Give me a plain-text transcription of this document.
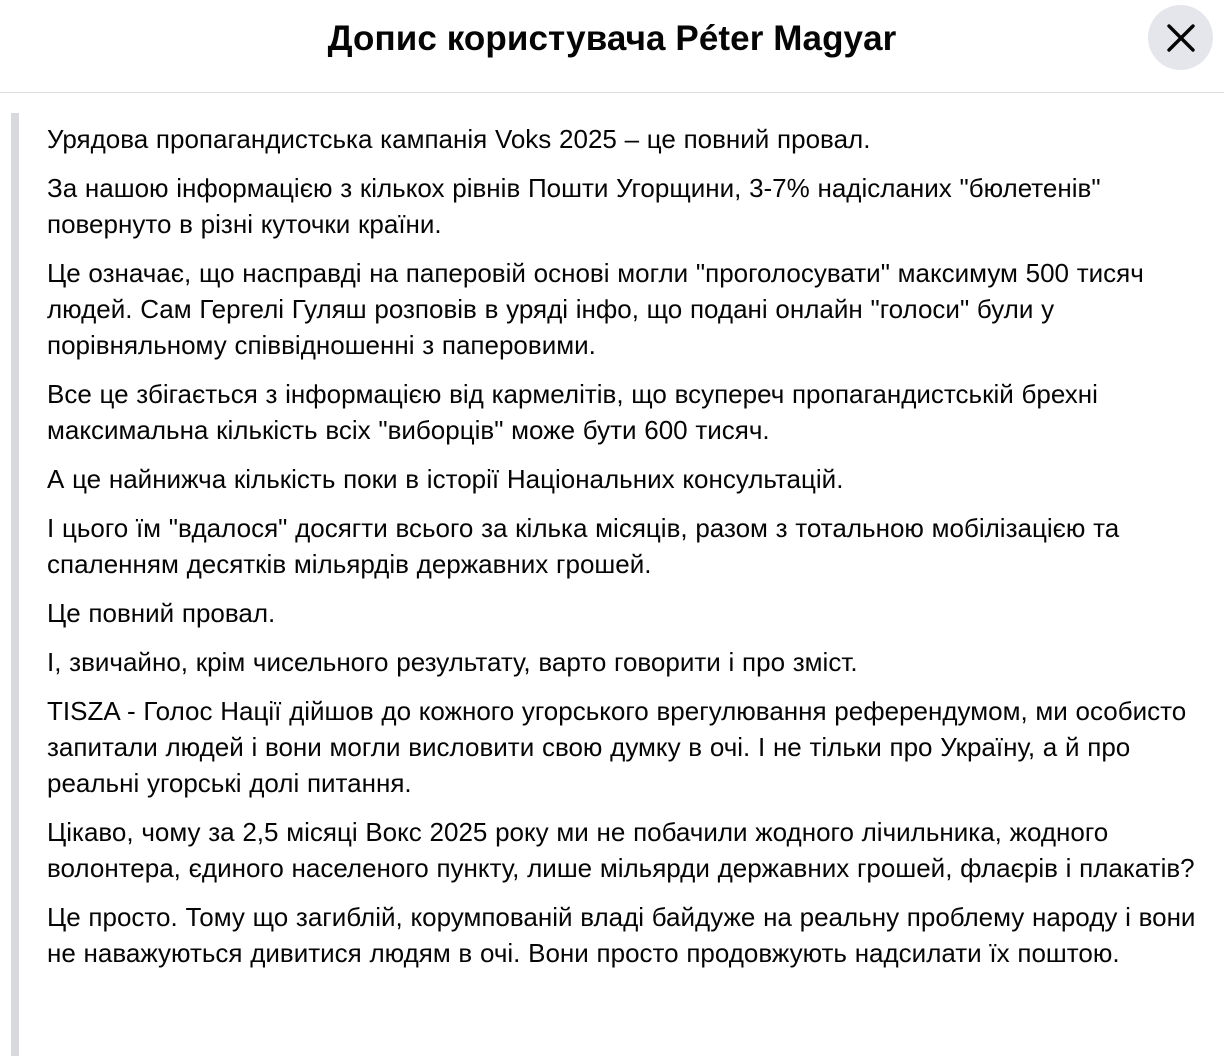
Допис користувача Péter Magyar

Урядова пропагандистська кампанія Voks 2025 – це повний провал.

За нашою інформацією з кількох рівнів Пошти Угорщини, 3-7% надісланих "бюлетенів" повернуто в різні куточки країни.

Це означає, що насправді на паперовій основі могли "проголосувати" максимум 500 тисяч людей. Сам Гергелі Гуляш розповів в уряді інфо, що подані онлайн "голоси" були у порівняльному співвідношенні з паперовими.

Все це збігається з інформацією від кармелітів, що всупереч пропагандистській брехні максимальна кількість всіх "виборців" може бути 600 тисяч.

А це найнижча кількість поки в історії Національних консультацій.

І цього їм "вдалося" досягти всього за кілька місяців, разом з тотальною мобілізацією та спаленням десятків мільярдів державних грошей.

Це повний провал.

І, звичайно, крім чисельного результату, варто говорити і про зміст.

TISZA - Голос Нації дійшов до кожного угорського врегулювання референдумом, ми особисто запитали людей і вони могли висловити свою думку в очі. І не тільки про Україну, а й про реальні угорські долі питання.

Цікаво, чому за 2,5 місяці Вокс 2025 року ми не побачили жодного лічильника, жодного волонтера, єдиного населеного пункту, лише мільярди державних грошей, флаєрів і плакатів?

Це просто. Тому що загиблій, корумпованій владі байдуже на реальну проблему народу і вони не наважуються дивитися людям в очі. Вони просто продовжують надсилати їх поштою.
